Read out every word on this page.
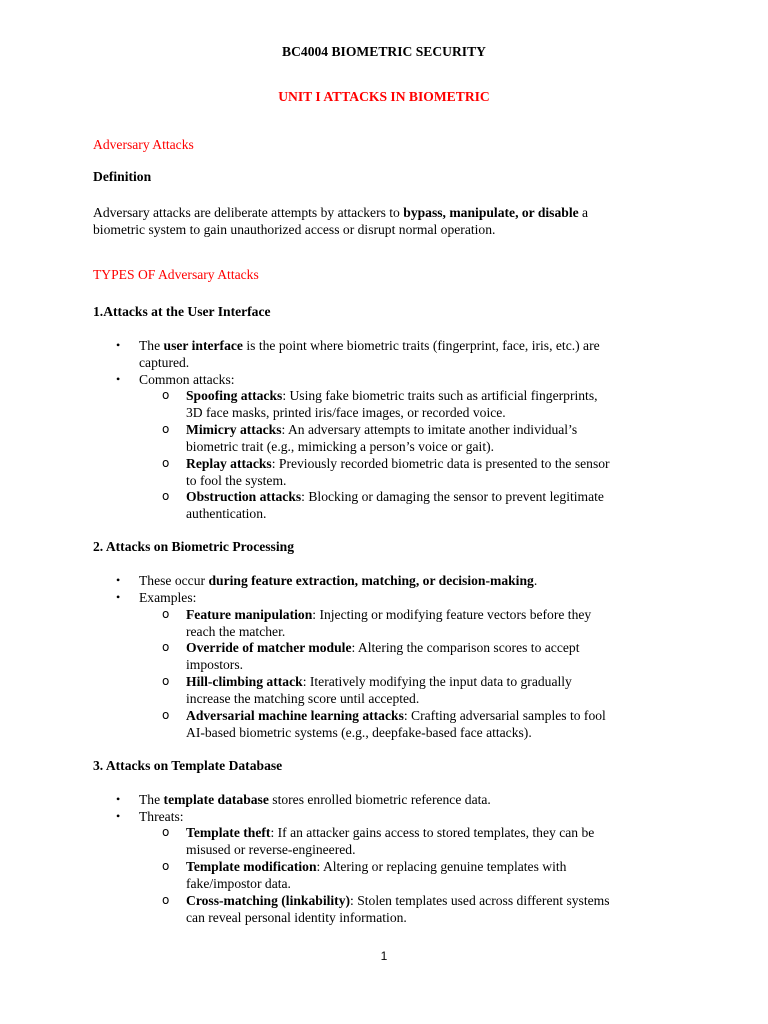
BC4004 BIOMETRIC SECURITY
UNIT I ATTACKS IN BIOMETRIC
Adversary Attacks
Definition
Adversary attacks are deliberate attempts by attackers to bypass, manipulate, or disable a
biometric system to gain unauthorized access or disrupt normal operation.
TYPES OF Adversary Attacks
1.Attacks at the User Interface
• The user interface is the point where biometric traits (fingerprint, face, iris, etc.) are
captured.
• Common attacks:
o Spoofing attacks: Using fake biometric traits such as artificial fingerprints,
3D face masks, printed iris/face images, or recorded voice.
o Mimicry attacks: An adversary attempts to imitate another individual’s
biometric trait (e.g., mimicking a person’s voice or gait).
o Replay attacks: Previously recorded biometric data is presented to the sensor
to fool the system.
o Obstruction attacks: Blocking or damaging the sensor to prevent legitimate
authentication.
2. Attacks on Biometric Processing
• These occur during feature extraction, matching, or decision-making.
• Examples:
o Feature manipulation: Injecting or modifying feature vectors before they
reach the matcher.
o Override of matcher module: Altering the comparison scores to accept
impostors.
o Hill-climbing attack: Iteratively modifying the input data to gradually
increase the matching score until accepted.
o Adversarial machine learning attacks: Crafting adversarial samples to fool
AI-based biometric systems (e.g., deepfake-based face attacks).
3. Attacks on Template Database
• The template database stores enrolled biometric reference data.
• Threats:
o Template theft: If an attacker gains access to stored templates, they can be
misused or reverse-engineered.
o Template modification: Altering or replacing genuine templates with
fake/impostor data.
o Cross-matching (linkability): Stolen templates used across different systems
can reveal personal identity information.
1
